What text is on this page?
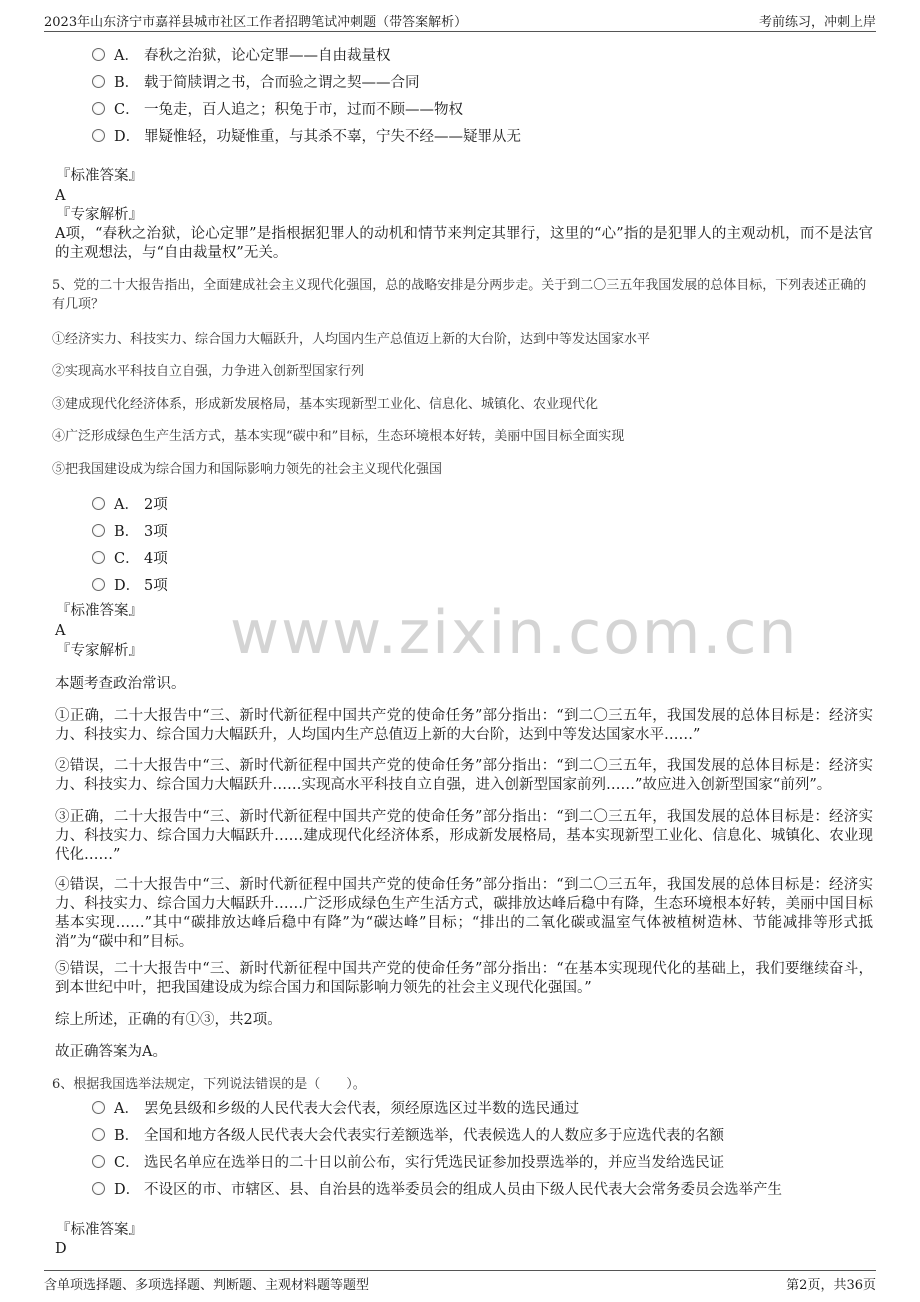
2023年山东济宁市嘉祥县城市社区工作者招聘笔试冲刺题（带答案解析）	考前练习，冲刺上岸
A． 春秋之治狱，论心定罪——自由裁量权
B． 载于简牍谓之书，合而验之谓之契——合同
C． 一兔走，百人追之；积兔于市，过而不顾——物权
D． 罪疑惟轻，功疑惟重，与其杀不辜，宁失不经——疑罪从无
『标准答案』
A
『专家解析』
A项，“春秋之治狱，论心定罪”是指根据犯罪人的动机和情节来判定其罪行，这里的“心”指的是犯罪人的主观动机，而不是法官的主观想法，与“自由裁量权”无关。
5、党的二十大报告指出，全面建成社会主义现代化强国，总的战略安排是分两步走。关于到二〇三五年我国发展的总体目标，下列表述正确的有几项？
①经济实力、科技实力、综合国力大幅跃升，人均国内生产总值迈上新的大台阶，达到中等发达国家水平
②实现高水平科技自立自强，力争进入创新型国家行列
③建成现代化经济体系，形成新发展格局，基本实现新型工业化、信息化、城镇化、农业现代化
④广泛形成绿色生产生活方式，基本实现“碳中和”目标，生态环境根本好转，美丽中国目标全面实现
⑤把我国建设成为综合国力和国际影响力领先的社会主义现代化强国
A． 2项
B． 3项
C． 4项
D． 5项
『标准答案』
A
『专家解析』
本题考查政治常识。
①正确，二十大报告中“三、新时代新征程中国共产党的使命任务”部分指出：“到二〇三五年，我国发展的总体目标是：经济实力、科技实力、综合国力大幅跃升，人均国内生产总值迈上新的大台阶，达到中等发达国家水平……”
②错误，二十大报告中“三、新时代新征程中国共产党的使命任务”部分指出：“到二〇三五年，我国发展的总体目标是：经济实力、科技实力、综合国力大幅跃升……实现高水平科技自立自强，进入创新型国家前列……”故应进入创新型国家“前列”。
③正确，二十大报告中“三、新时代新征程中国共产党的使命任务”部分指出：“到二〇三五年，我国发展的总体目标是：经济实力、科技实力、综合国力大幅跃升……建成现代化经济体系，形成新发展格局，基本实现新型工业化、信息化、城镇化、农业现代化……”
④错误，二十大报告中“三、新时代新征程中国共产党的使命任务”部分指出：“到二〇三五年，我国发展的总体目标是：经济实力、科技实力、综合国力大幅跃升……广泛形成绿色生产生活方式，碳排放达峰后稳中有降，生态环境根本好转，美丽中国目标基本实现……”其中“碳排放达峰后稳中有降”为“碳达峰”目标；“排出的二氧化碳或温室气体被植树造林、节能减排等形式抵消”为“碳中和”目标。
⑤错误，二十大报告中“三、新时代新征程中国共产党的使命任务”部分指出：“在基本实现现代化的基础上，我们要继续奋斗，到本世纪中叶，把我国建设成为综合国力和国际影响力领先的社会主义现代化强国。”
综上所述，正确的有①③，共2项。
故正确答案为A。
6、根据我国选举法规定，下列说法错误的是（　　）。
A． 罢免县级和乡级的人民代表大会代表，须经原选区过半数的选民通过
B． 全国和地方各级人民代表大会代表实行差额选举，代表候选人的人数应多于应选代表的名额
C． 选民名单应在选举日的二十日以前公布，实行凭选民证参加投票选举的，并应当发给选民证
D． 不设区的市、市辖区、县、自治县的选举委员会的组成人员由下级人民代表大会常务委员会选举产生
『标准答案』
D
www.zixin.com.cn
含单项选择题、多项选择题、判断题、主观材料题等题型	第2页，共36页
